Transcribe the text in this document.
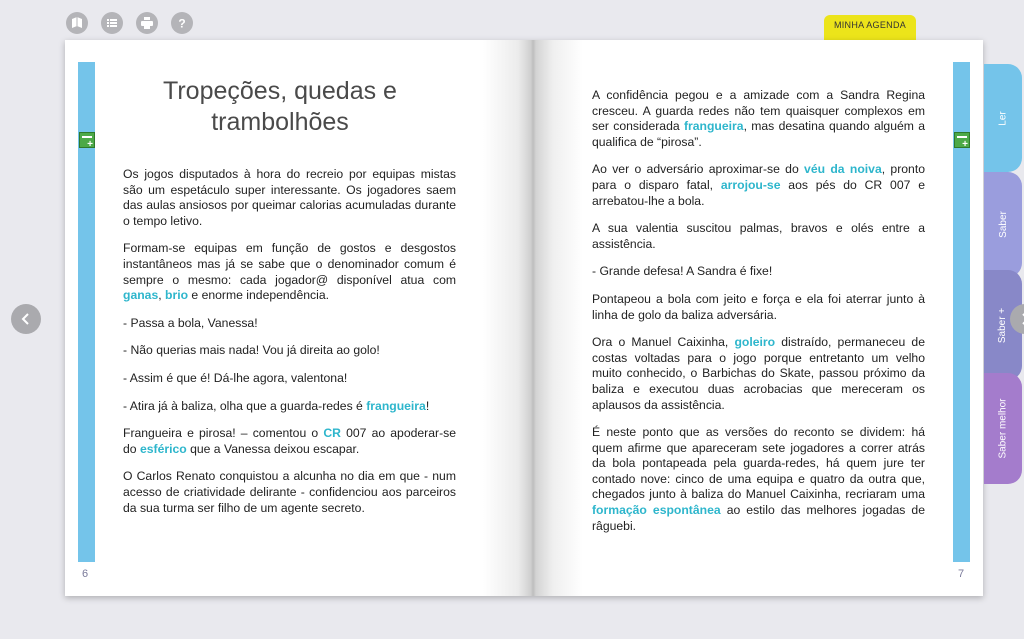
?	MINHA AGENDA
+
6
Tropeções, quedas e
trambolhões

Os jogos disputados à hora do recreio por equipas mistas são um espetáculo super interessante. Os jogadores saem das aulas ansiosos por queimar calorias acumuladas durante o tempo letivo.

Formam-se equipas em função de gostos e desgostos instantâneos mas já se sabe que o denominador comum é sempre o mesmo: cada jogador@ disponível atua com ganas, brio e enorme independência.

- Passa a bola, Vanessa!

- Não querias mais nada! Vou já direita ao golo!

- Assim é que é! Dá-lhe agora, valentona!

- Atira já à baliza, olha que a guarda-redes é frangueira!

Frangueira e pirosa! – comentou o CR 007 ao apoderar-se do esférico que a Vanessa deixou escapar.

O Carlos Renato conquistou a alcunha no dia em que - num acesso de criatividade delirante - confidenciou aos parceiros da sua turma ser filho de um agente secreto.

+
7

A confidência pegou e a amizade com a Sandra Regina cresceu. A guarda redes não tem quaisquer complexos em ser considerada frangueira, mas desatina quando alguém a qualifica de “pirosa”.

Ao ver o adversário aproximar-se do véu da noiva, pronto para o disparo fatal, arrojou-se aos pés do CR 007 e arrebatou-lhe a bola.

A sua valentia suscitou palmas, bravos e olés entre a assistência.

- Grande defesa! A Sandra é fixe!

Pontapeou a bola com jeito e força e ela foi aterrar junto à linha de golo da baliza adversária.

Ora o Manuel Caixinha, goleiro distraído, permaneceu de costas voltadas para o jogo porque entretanto um velho muito conhecido, o Barbichas do Skate, passou próximo da baliza e executou duas acrobacias que mereceram os aplausos da assistência.

É neste ponto que as versões do reconto se dividem: há quem afirme que apareceram sete jogadores a correr atrás da bola pontapeada pela guarda-redes, há quem jure ter contado nove: cinco de uma equipa e quatro da outra que, chegados junto à baliza do Manuel Caixinha, recriaram uma formação espontânea ao estilo das melhores jogadas de râguebi.

Ler
Saber
Saber +
Saber melhor
